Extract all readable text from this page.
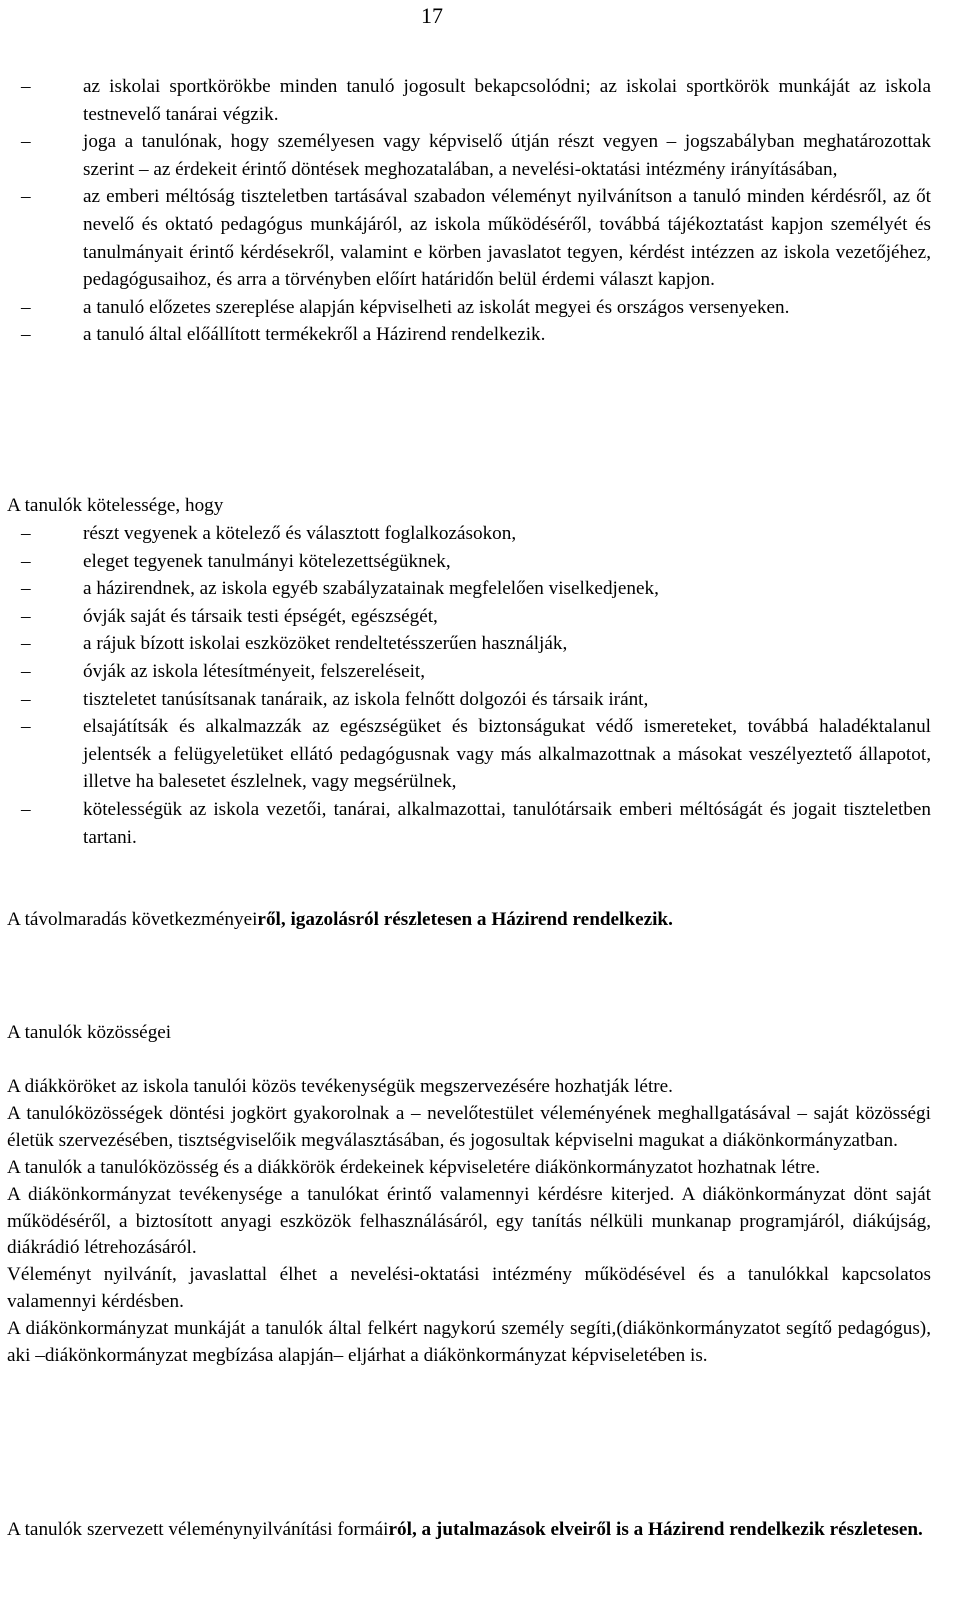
17
–	az iskolai sportkörökbe minden tanuló jogosult bekapcsolódni; az iskolai sportkörök munkáját az iskola testnevelő tanárai végzik.
–	joga a tanulónak, hogy személyesen vagy képviselő útján részt vegyen – jogszabályban meghatározottak szerint – az érdekeit érintő döntések meghozatalában, a nevelési-oktatási intézmény irányításában,
–	az emberi méltóság tiszteletben tartásával szabadon véleményt nyilvánítson a tanuló minden kérdésről, az őt nevelő és oktató pedagógus munkájáról, az iskola működéséről, továbbá tájékoztatást kapjon személyét és tanulmányait érintő kérdésekről, valamint e körben javaslatot tegyen, kérdést intézzen az iskola vezetőjéhez, pedagógusaihoz, és arra a törvényben előírt határidőn belül érdemi választ kapjon.
–	a tanuló előzetes szereplése alapján képviselheti az iskolát megyei és országos versenyeken.
–	a tanuló által előállított termékekről a Házirend rendelkezik.
A tanulók kötelessége, hogy
–	részt vegyenek a kötelező és választott foglalkozásokon,
–	eleget tegyenek tanulmányi kötelezettségüknek,
–	a házirendnek, az iskola egyéb szabályzatainak megfelelően viselkedjenek,
–	óvják saját és társaik testi épségét, egészségét,
–	a rájuk bízott iskolai eszközöket rendeltetésszerűen használják,
–	óvják az iskola létesítményeit, felszereléseit,
–	tiszteletet tanúsítsanak tanáraik, az iskola felnőtt dolgozói és társaik iránt,
–	elsajátítsák és alkalmazzák az egészségüket és biztonságukat védő ismereteket, továbbá haladéktalanul jelentsék a felügyeletüket ellátó pedagógusnak vagy más alkalmazottnak a másokat veszélyeztető állapotot, illetve ha balesetet észlelnek, vagy megsérülnek,
–	kötelességük az iskola vezetői, tanárai, alkalmazottai, tanulótársaik emberi méltóságát és jogait tiszteletben tartani.
A távolmaradás következményeiről, igazolásról részletesen a Házirend rendelkezik.
A tanulók közösségei
A diákköröket az iskola tanulói közös tevékenységük megszervezésére hozhatják létre.
A tanulóközösségek döntési jogkört gyakorolnak a – nevelőtestület véleményének meghallgatásával – saját közösségi életük szervezésében, tisztségviselőik megválasztásában, és jogosultak képviselni magukat a diákönkormányzatban.
A tanulók a tanulóközösség és a diákkörök érdekeinek képviseletére diákönkormányzatot hozhatnak létre.
A diákönkormányzat tevékenysége a tanulókat érintő valamennyi kérdésre kiterjed. A diákönkormányzat dönt saját működéséről, a biztosított anyagi eszközök felhasználásáról, egy tanítás nélküli munkanap programjáról, diákújság, diákrádió létrehozásáról.
Véleményt nyilvánít, javaslattal élhet a nevelési-oktatási intézmény működésével és a tanulókkal kapcsolatos valamennyi kérdésben.
A diákönkormányzat munkáját a tanulók által felkért nagykorú személy segíti,(diákönkormányzatot segítő pedagógus), aki –diákönkormányzat megbízása alapján– eljárhat a diákönkormányzat képviseletében is.
A tanulók szervezett véleménynyilvánítási formáiról, a jutalmazások elveiről is a Házirend rendelkezik részletesen.
